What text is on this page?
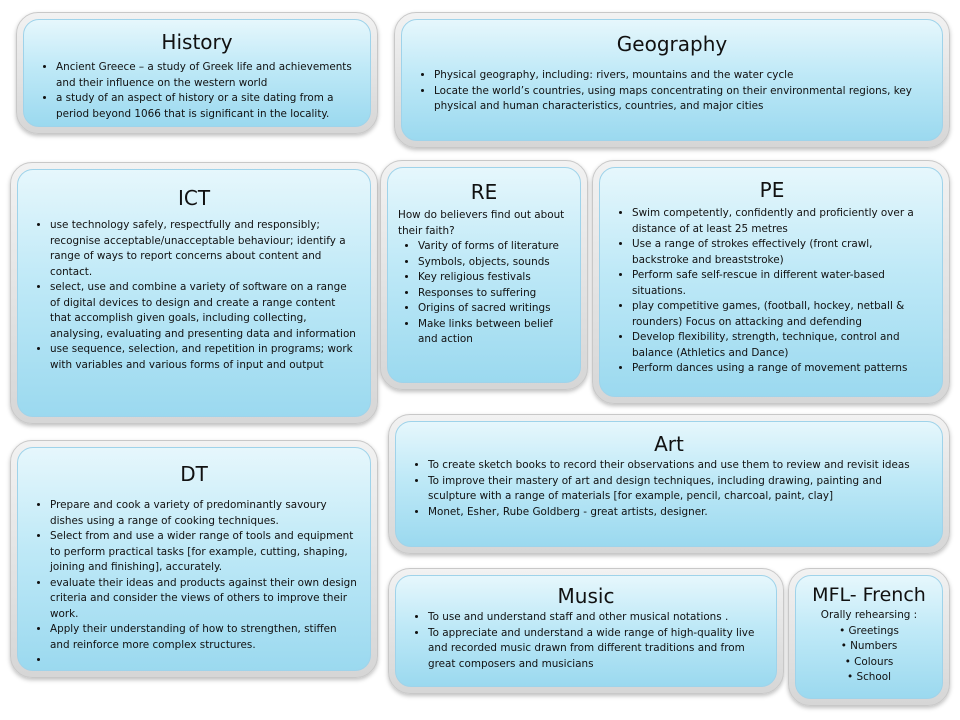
History
• Ancient Greece – a study of Greek life and achievements and their influence on the western world
• a study of an aspect of history or a site dating from a period beyond 1066 that is significant in the locality.
Geography
• Physical geography, including: rivers, mountains and the water cycle
• Locate the world’s countries, using maps concentrating on their environmental regions, key physical and human characteristics, countries, and major cities
ICT
• use technology safely, respectfully and responsibly; recognise acceptable/unacceptable behaviour; identify a range of ways to report concerns about content and contact.
• select, use and combine a variety of software on a range of digital devices to design and create a range content that accomplish given goals, including collecting, analysing, evaluating and presenting data and information
• use sequence, selection, and repetition in programs; work with variables and various forms of input and output
RE
How do believers find out about their faith?
• Varity of forms of literature
• Symbols, objects, sounds
• Key religious festivals
• Responses to suffering
• Origins of sacred writings
• Make links between belief and action
PE
• Swim competently, confidently and proficiently over a distance of at least 25 metres
• Use a range of strokes effectively (front crawl, backstroke and breaststroke)
• Perform safe self-rescue in different water-based situations.
• play competitive games, (football, hockey, netball & rounders) Focus on attacking and defending
• Develop flexibility, strength, technique, control and balance (Athletics and Dance)
• Perform dances using a range of movement patterns
DT
• Prepare and cook a variety of predominantly savoury dishes using a range of cooking techniques.
• Select from and use a wider range of tools and equipment to perform practical tasks [for example, cutting, shaping, joining and finishing], accurately.
• evaluate their ideas and products against their own design criteria and consider the views of others to improve their work.
• Apply their understanding of how to strengthen, stiffen and reinforce more complex structures.
•
Art
• To create sketch books to record their observations and use them to review and revisit ideas
• To improve their mastery of art and design techniques, including drawing, painting and sculpture with a range of materials [for example, pencil, charcoal, paint, clay]
• Monet, Esher, Rube Goldberg - great artists, designer.
Music
• To use and understand staff and other musical notations .
• To appreciate and understand a wide range of high-quality live and recorded music drawn from different traditions and from great composers and musicians
MFL- French
Orally rehearsing :
• Greetings
• Numbers
• Colours
• School
